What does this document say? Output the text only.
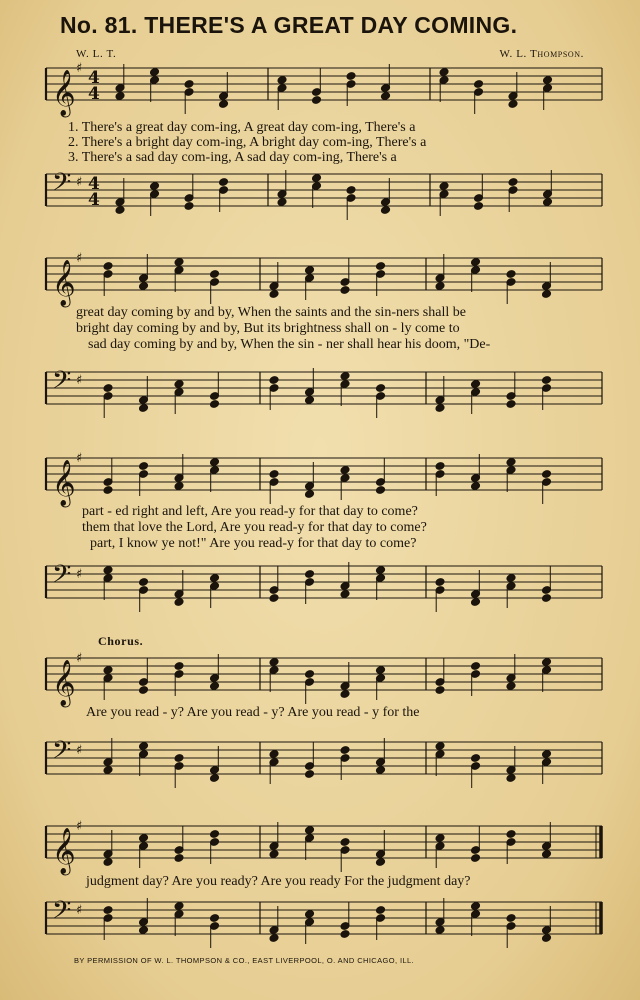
No. 81. THERE'S A GREAT DAY COMING.
W. L. T.	W. L. Thompson.
𝄞
♯ 4
4
𝄢 ♯ 4
4
𝄞
♯
𝄢 ♯
𝄞
♯
𝄢 ♯
𝄞
♯
𝄢 ♯
𝄞
♯
𝄢 ♯
1. There's a great day com-ing, A great day com-ing, There's a
2. There's a bright day com-ing, A bright day com-ing, There's a
3. There's a sad day com-ing, A sad day com-ing, There's a
great day coming by and by, When the saints and the sin-ners shall be
bright day coming by and by, But its brightness shall on - ly come to
sad day coming by and by, When the sin - ner shall hear his doom, "De-
part - ed right and left, Are you read-y for that day to come?
them that love the Lord, Are you read-y for that day to come?
part, I know ye not!" Are you read-y for that day to come?
Chorus.
Are you read - y? Are you read - y? Are you read - y for the
judgment day? Are you ready? Are you ready For the judgment day?
BY PERMISSION OF W. L. THOMPSON & CO., EAST LIVERPOOL, O. AND CHICAGO, ILL.
